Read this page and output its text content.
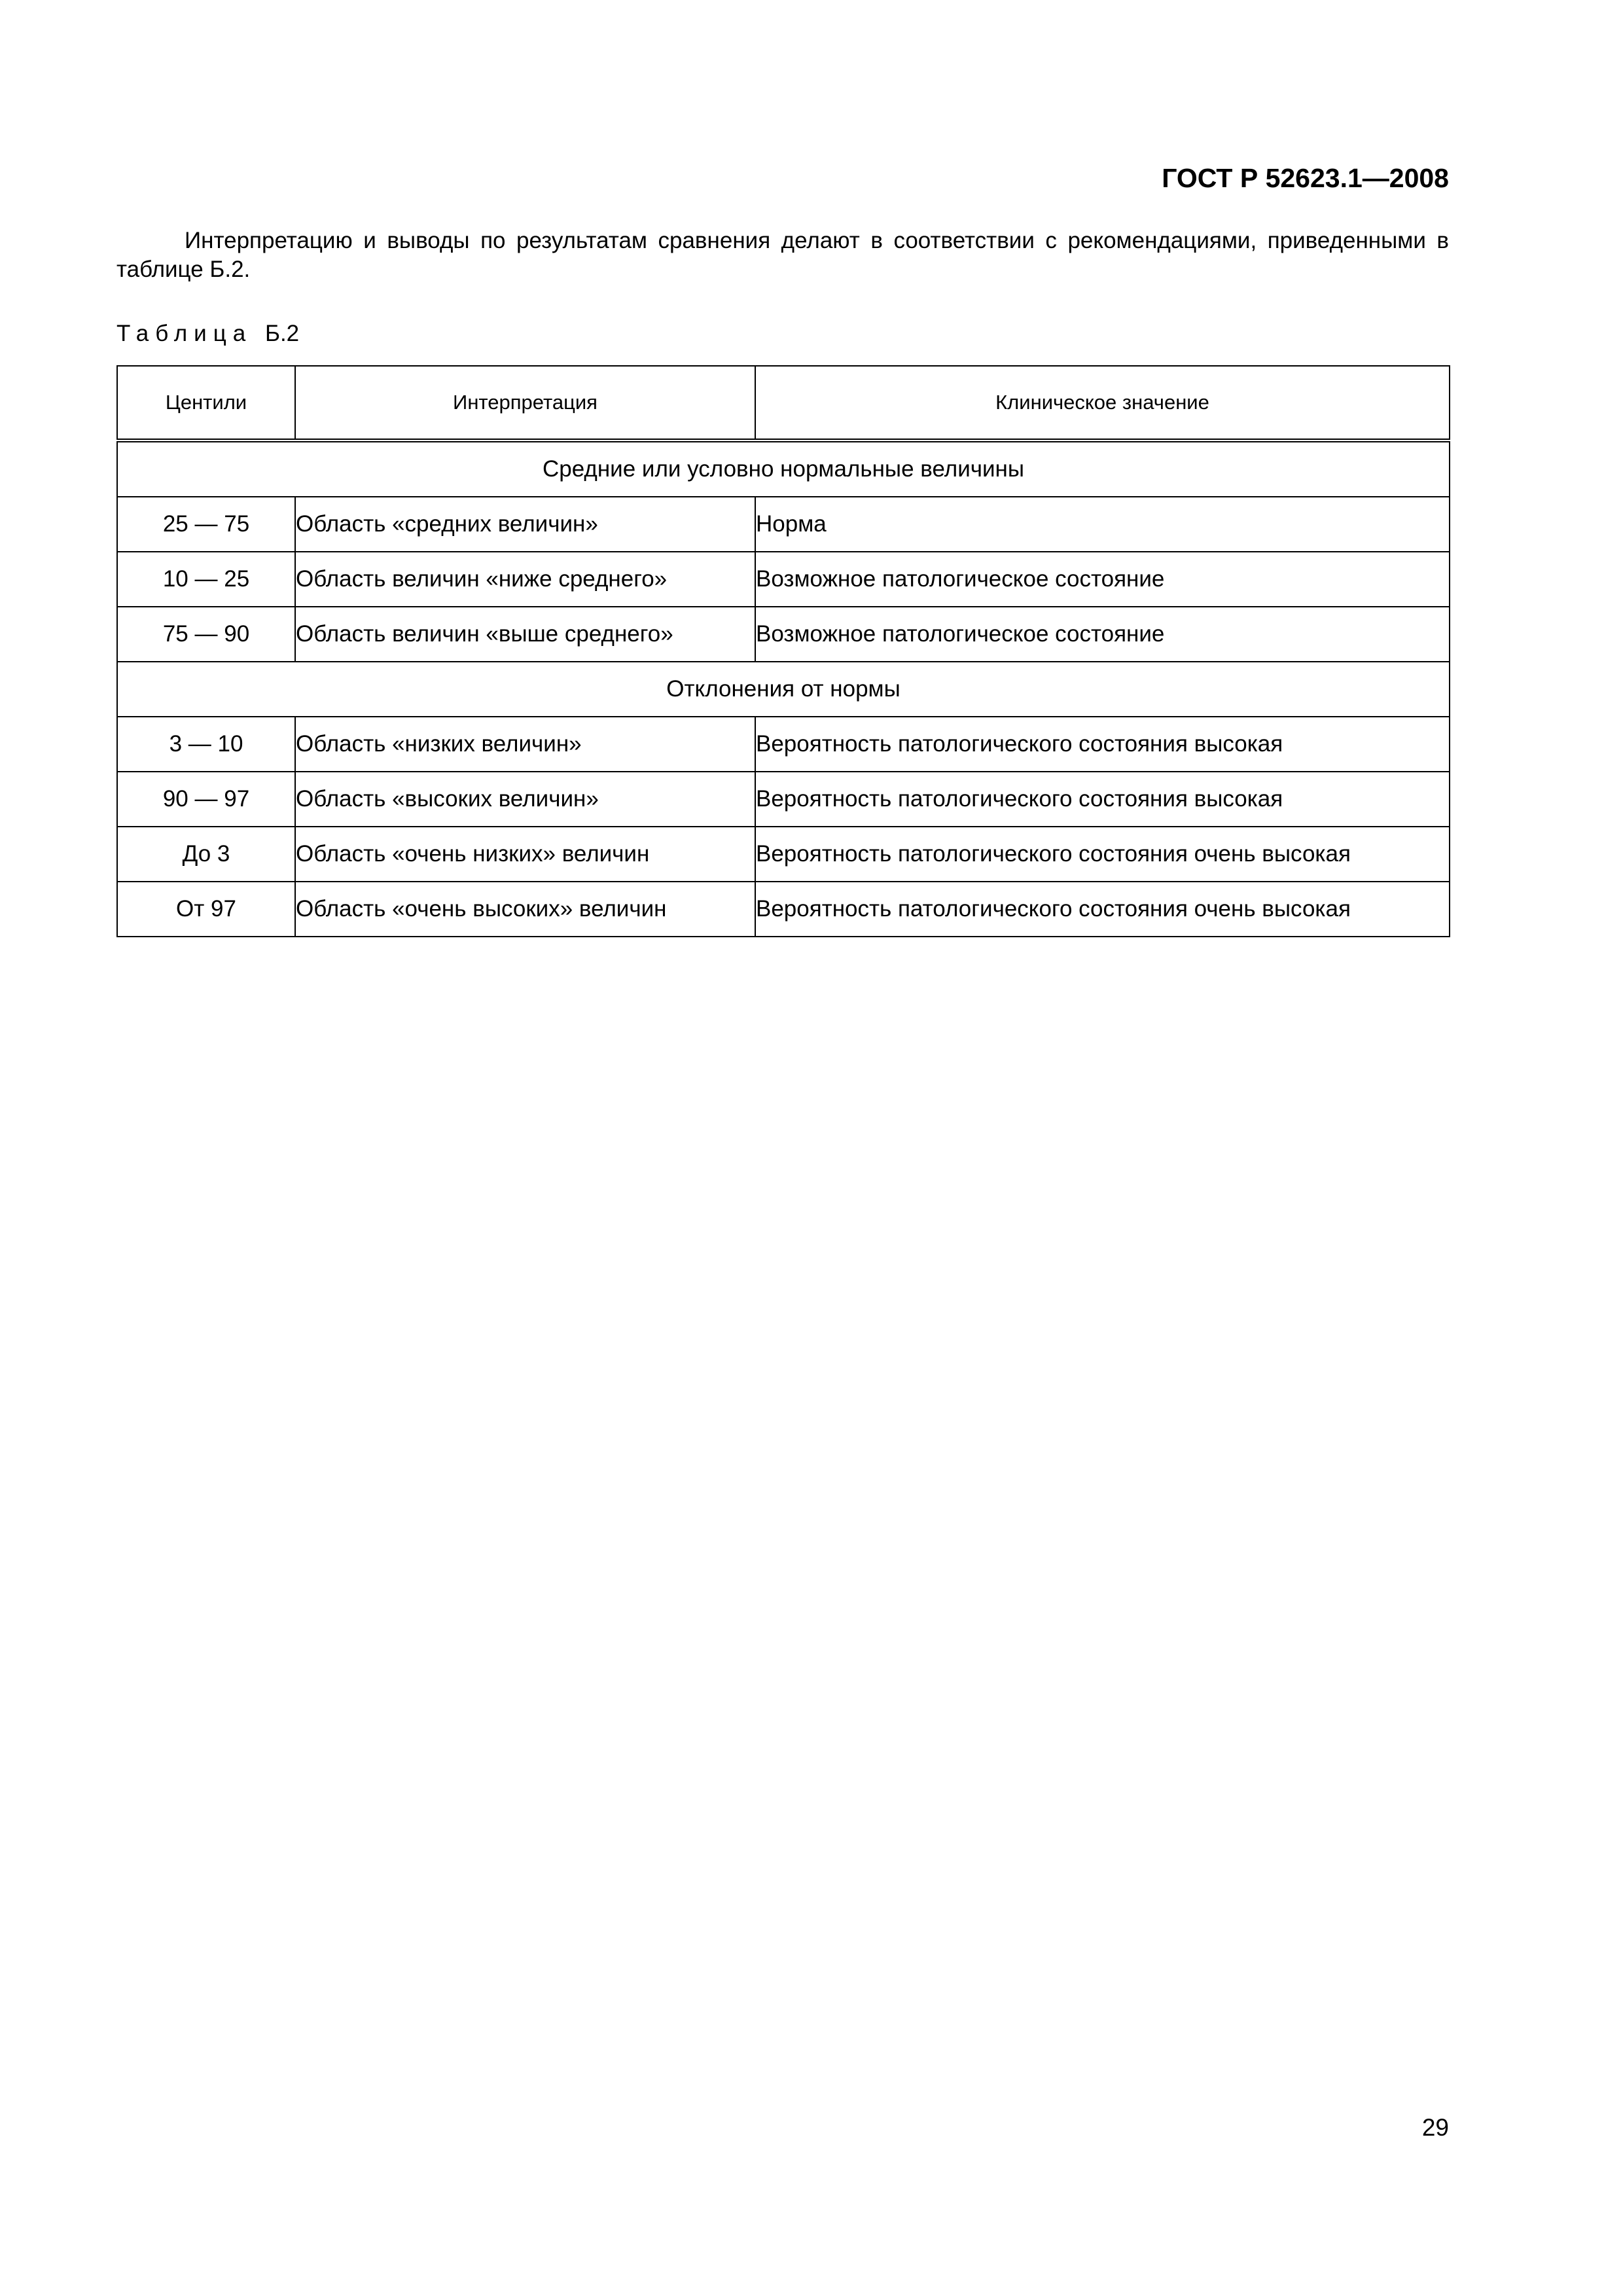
ГОСТ Р 52623.1—2008

Интерпретацию и выводы по результатам сравнения делают в соответствии с рекомендациями, приведенными в таблице Б.2.

Таблица Б.2
Центили	Интерпретация	Клиническое значение
Средние или условно нормальные величины		
25 — 75	Область «средних величин»	Норма
10 — 25	Область величин «ниже среднего»	Возможное патологическое состояние
75 — 90	Область величин «выше среднего»	Возможное патологическое состояние
Отклонения от нормы		
3 — 10	Область «низких величин»	Вероятность патологического состояния высокая
90 — 97	Область «высоких величин»	Вероятность патологического состояния высокая
До 3	Область «очень низких» величин	Вероятность патологического состояния очень высокая
От 97	Область «очень высоких» величин	Вероятность патологического состояния очень высокая
29
